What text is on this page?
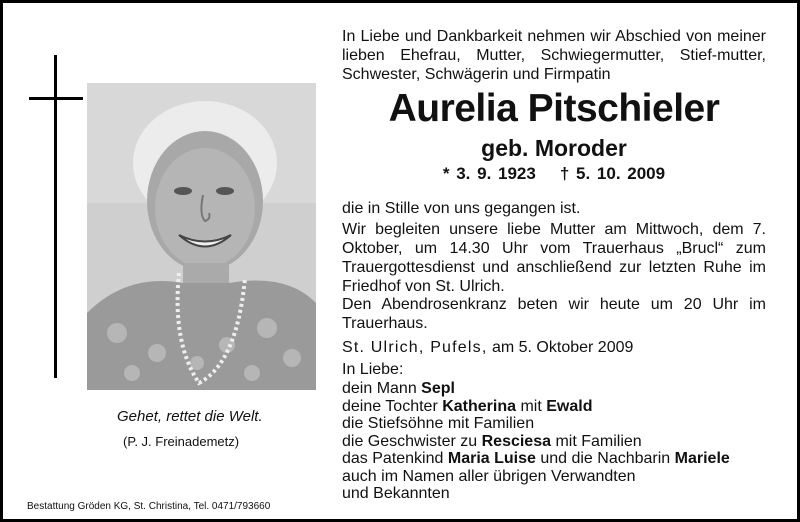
Gehet, rettet die Welt.
(P. J. Freinademetz)
Bestattung Gröden KG, St. Christina, Tel. 0471/793660
In Liebe und Dankbarkeit nehmen wir Abschied von meiner lieben Ehefrau, Mutter, Schwiegermutter, Stief-mutter, Schwester, Schwägerin und Firmpatin
Aurelia Pitschieler
geb. Moroder
* 3. 9. 1923 † 5. 10. 2009
die in Stille von uns gegangen ist.
Wir begleiten unsere liebe Mutter am Mittwoch, dem 7. Oktober, um 14.30 Uhr vom Trauerhaus „Brucl“ zum Trauergottesdienst und anschließend zur letzten Ruhe im Friedhof von St. Ulrich.
Den Abendrosenkranz beten wir heute um 20 Uhr im Trauerhaus.
St. Ulrich, Pufels, am 5. Oktober 2009
In Liebe:
dein Mann Sepl
deine Tochter Katherina mit Ewald
die Stiefsöhne mit Familien
die Geschwister zu Resciesa mit Familien
das Patenkind Maria Luise und die Nachbarin Mariele
auch im Namen aller übrigen Verwandten
und Bekannten
